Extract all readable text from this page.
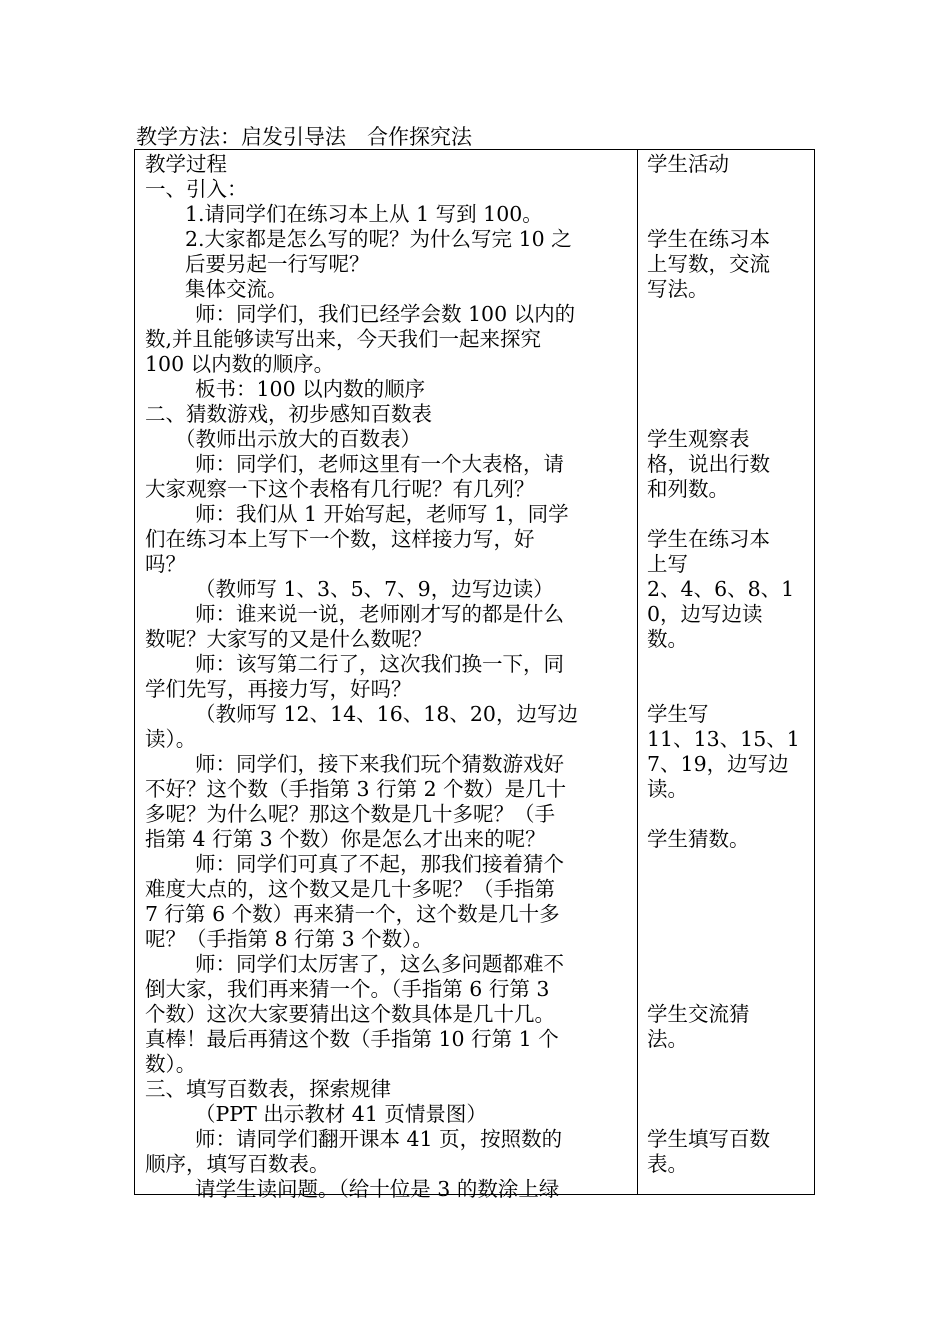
教学方法：启发引导法　合作探究法
教学过程
一、引入：
1.请同学们在练习本上从 1 写到 100。
2.大家都是怎么写的呢？为什么写完 10 之
后要另起一行写呢？
集体交流。
师：同学们，我们已经学会数 100 以内的
数,并且能够读写出来，今天我们一起来探究
100 以内数的顺序。
板书：100 以内数的顺序
二、猜数游戏，初步感知百数表
（教师出示放大的百数表）
师：同学们，老师这里有一个大表格，请
大家观察一下这个表格有几行呢？有几列？
师：我们从 1 开始写起，老师写 1，同学
们在练习本上写下一个数，这样接力写，好
吗？
（教师写 1、3、5、7、9，边写边读）
师：谁来说一说，老师刚才写的都是什么
数呢？大家写的又是什么数呢？
师：该写第二行了，这次我们换一下，同
学们先写，再接力写，好吗？
（教师写 12、14、16、18、20，边写边
读）。
师：同学们，接下来我们玩个猜数游戏好
不好？这个数（手指第 3 行第 2 个数）是几十
多呢？为什么呢？那这个数是几十多呢？（手
指第 4 行第 3 个数）你是怎么才出来的呢？
师：同学们可真了不起，那我们接着猜个
难度大点的，这个数又是几十多呢？（手指第
7 行第 6 个数）再来猜一个，这个数是几十多
呢？（手指第 8 行第 3 个数）。
师：同学们太厉害了，这么多问题都难不
倒大家，我们再来猜一个。（手指第 6 行第 3
个数）这次大家要猜出这个数具体是几十几。
真棒！最后再猜这个数（手指第 10 行第 1 个
数）。
三、填写百数表，探索规律
（PPT 出示教材 41 页情景图）
师：请同学们翻开课本 41 页，按照数的
顺序，填写百数表。
请学生读问题。（给十位是 3 的数涂上绿
学生活动
学生在练习本
上写数，交流
写法。
学生观察表
格，说出行数
和列数。
学生在练习本
上写
2、4、6、8、1
0，边写边读
数。
学生写
11、13、15、1
7、19，边写边
读。
学生猜数。
学生交流猜
法。
学生填写百数
表。
